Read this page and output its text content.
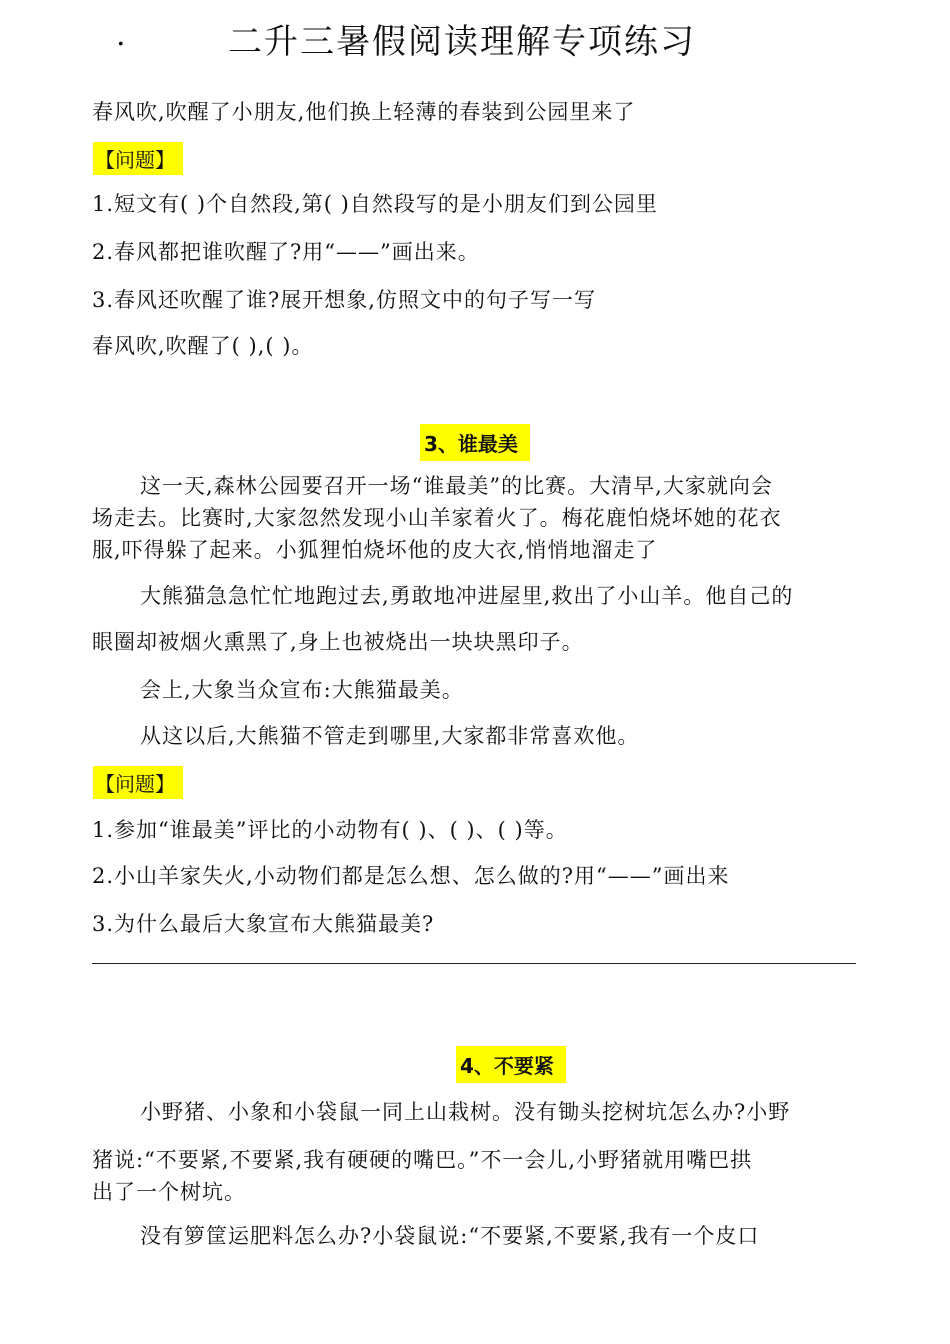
.	二升三暑假阅读理解专项练习
春风吹,吹醒了小朋友,他们换上轻薄的春装到公园里来了
【问题】
1.短文有( )个自然段,第( )自然段写的是小朋友们到公园里
2.春风都把谁吹醒了?用“——”画出来。
3.春风还吹醒了谁?展开想象,仿照文中的句子写一写
春风吹,吹醒了( ),( )。
3、谁最美
这一天,森林公园要召开一场“谁最美”的比赛。大清早,大家就向会
场走去。比赛时,大家忽然发现小山羊家着火了。梅花鹿怕烧坏她的花衣
服,吓得躲了起来。小狐狸怕烧坏他的皮大衣,悄悄地溜走了
大熊猫急急忙忙地跑过去,勇敢地冲进屋里,救出了小山羊。他自己的
眼圈却被烟火熏黑了,身上也被烧出一块块黑印子。
会上,大象当众宣布:大熊猫最美。
从这以后,大熊猫不管走到哪里,大家都非常喜欢他。
【问题】
1.参加“谁最美”评比的小动物有( )、( )、( )等。
2.小山羊家失火,小动物们都是怎么想、怎么做的?用“——”画出来
3.为什么最后大象宣布大熊猫最美?
4、不要紧
小野猪、小象和小袋鼠一同上山栽树。没有锄头挖树坑怎么办?小野
猪说:“不要紧,不要紧,我有硬硬的嘴巴。”不一会儿,小野猪就用嘴巴拱
出了一个树坑。
没有箩筐运肥料怎么办?小袋鼠说:“不要紧,不要紧,我有一个皮口
